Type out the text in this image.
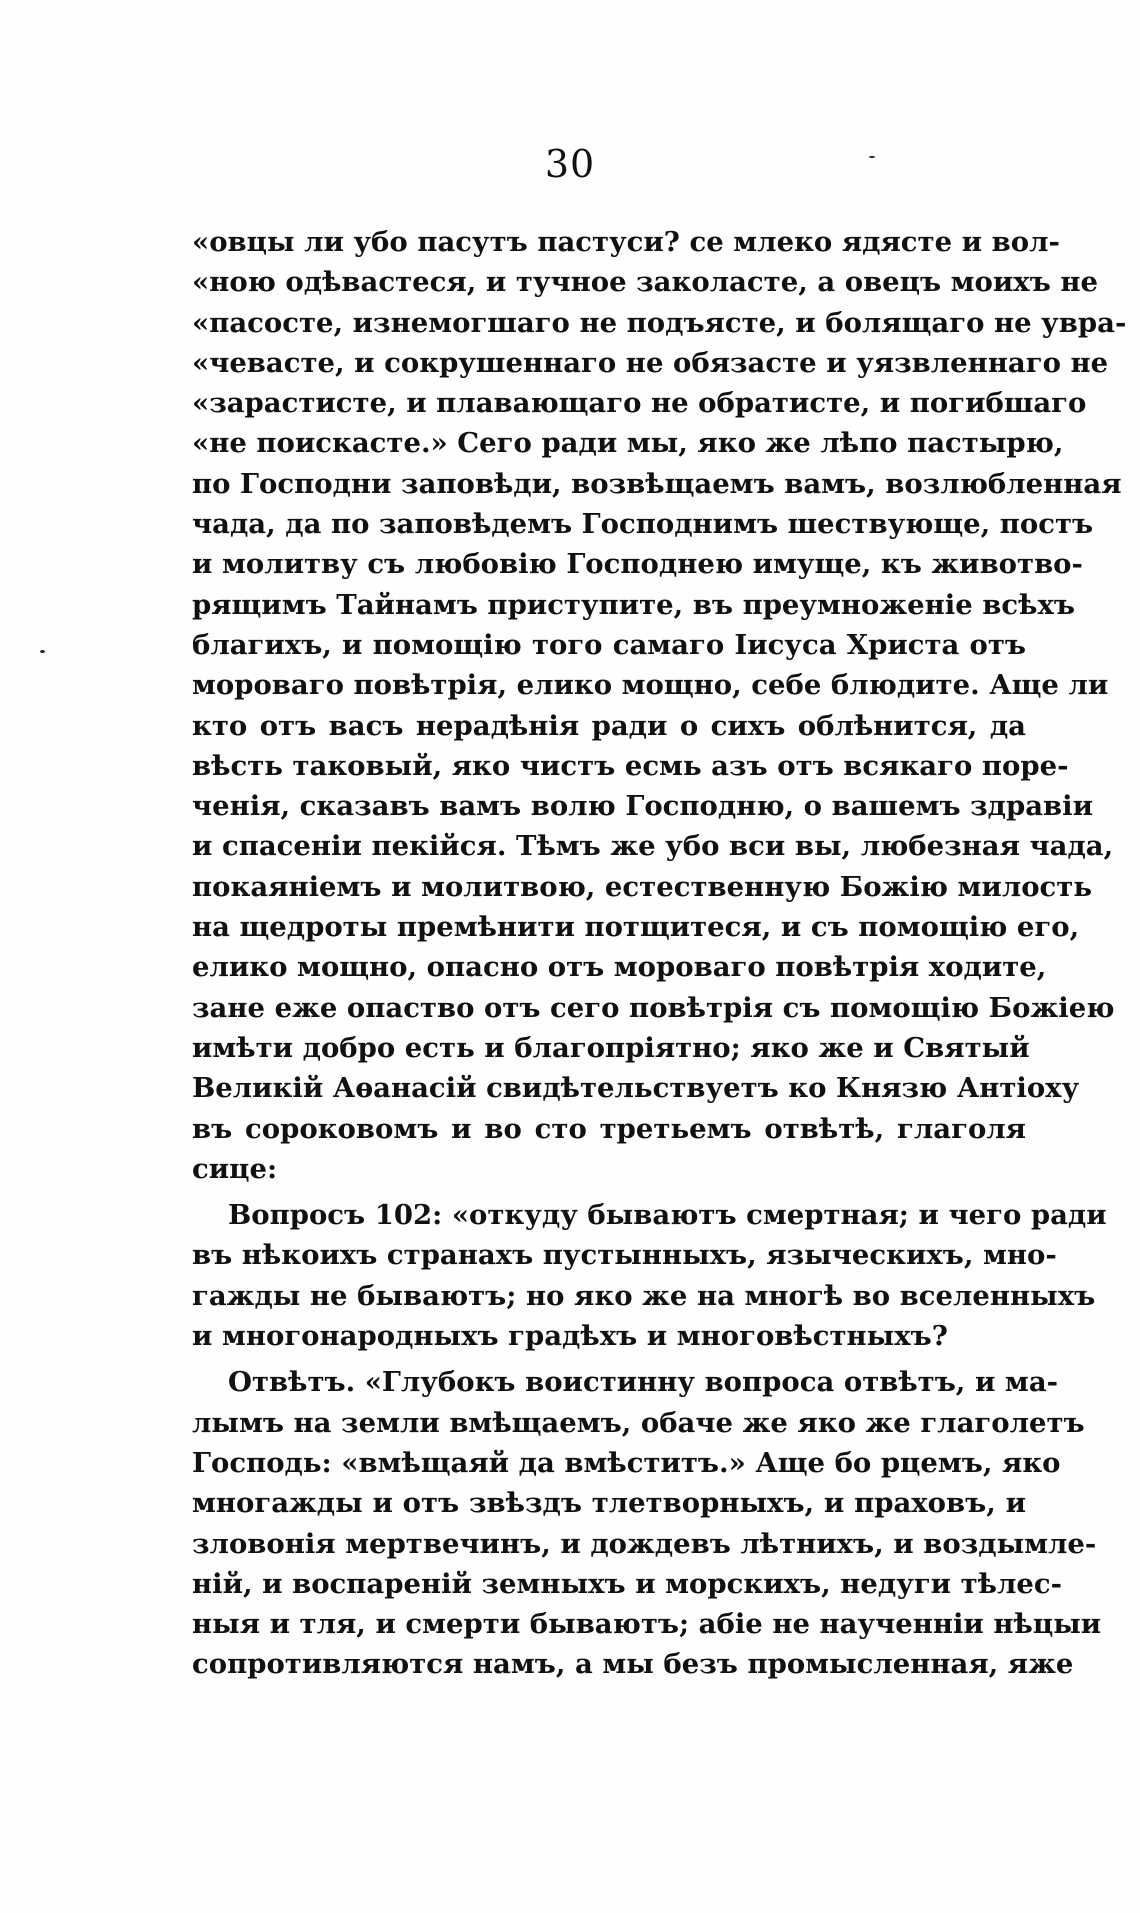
30
«овцы ли убо пасутъ пастуси? се млеко ядясте и вол-
«ною одѣвастеся, и тучное заколасте, а овецъ моихъ не
«пасосте, изнемогшаго не подъясте, и болящаго не увра-
«чевасте, и сокрушеннаго не обязасте и уязвленнаго не
«зарастисте, и плавающаго не обратисте, и погибшаго
«не поискасте.» Сего ради мы, яко же лѣпо пастырю,
по Господни заповѣди, возвѣщаемъ вамъ, возлюбленная
чада, да по заповѣдемъ Господнимъ шествующе, постъ
и молитву съ любовію Господнею имуще, къ животво-
рящимъ Тайнамъ приступите, въ преумноженіе всѣхъ
благихъ, и помощію того самаго Іисуса Христа отъ
мороваго повѣтрія, елико мощно, себе блюдите. Аще ли
кто отъ васъ нерадѣнія ради о сихъ облѣнится, да
вѣсть таковый, яко чистъ есмь азъ отъ всякаго поре-
ченія, сказавъ вамъ волю Господню, о вашемъ здравіи
и спасеніи пекійся. Тѣмъ же убо вси вы, любезная чада,
покаяніемъ и молитвою, естественную Божію милость
на щедроты премѣнити потщитеся, и съ помощію его,
елико мощно, опасно отъ мороваго повѣтрія ходите,
зане еже опаство отъ сего повѣтрія съ помощію Божіею
имѣти добро есть и благопріятно; яко же и Святый
Великій Аѳанасій свидѣтельствуетъ ко Князю Антіоху
въ сороковомъ и во сто третьемъ отвѣтѣ, глаголя
сице:
Вопросъ 102: «откуду бываютъ смертная; и чего ради
въ нѣкоихъ странахъ пустынныхъ, языческихъ, мно-
гажды не бываютъ; но яко же на многѣ во вселенныхъ
и многонародныхъ градѣхъ и многовѣстныхъ?
Отвѣтъ. «Глубокъ воистинну вопроса отвѣтъ, и ма-
лымъ на земли вмѣщаемъ, обаче же яко же глаголетъ
Господь: «вмѣщаяй да вмѣститъ.» Аще бо рцемъ, яко
многажды и отъ звѣздъ тлетворныхъ, и праховъ, и
зловонія мертвечинъ, и дождевъ лѣтнихъ, и воздымле-
ній, и воспареній земныхъ и морскихъ, недуги тѣлес-
ныя и тля, и смерти бываютъ; абіе не наученніи нѣцыи
сопротивляются намъ, а мы безъ промысленная, яже
